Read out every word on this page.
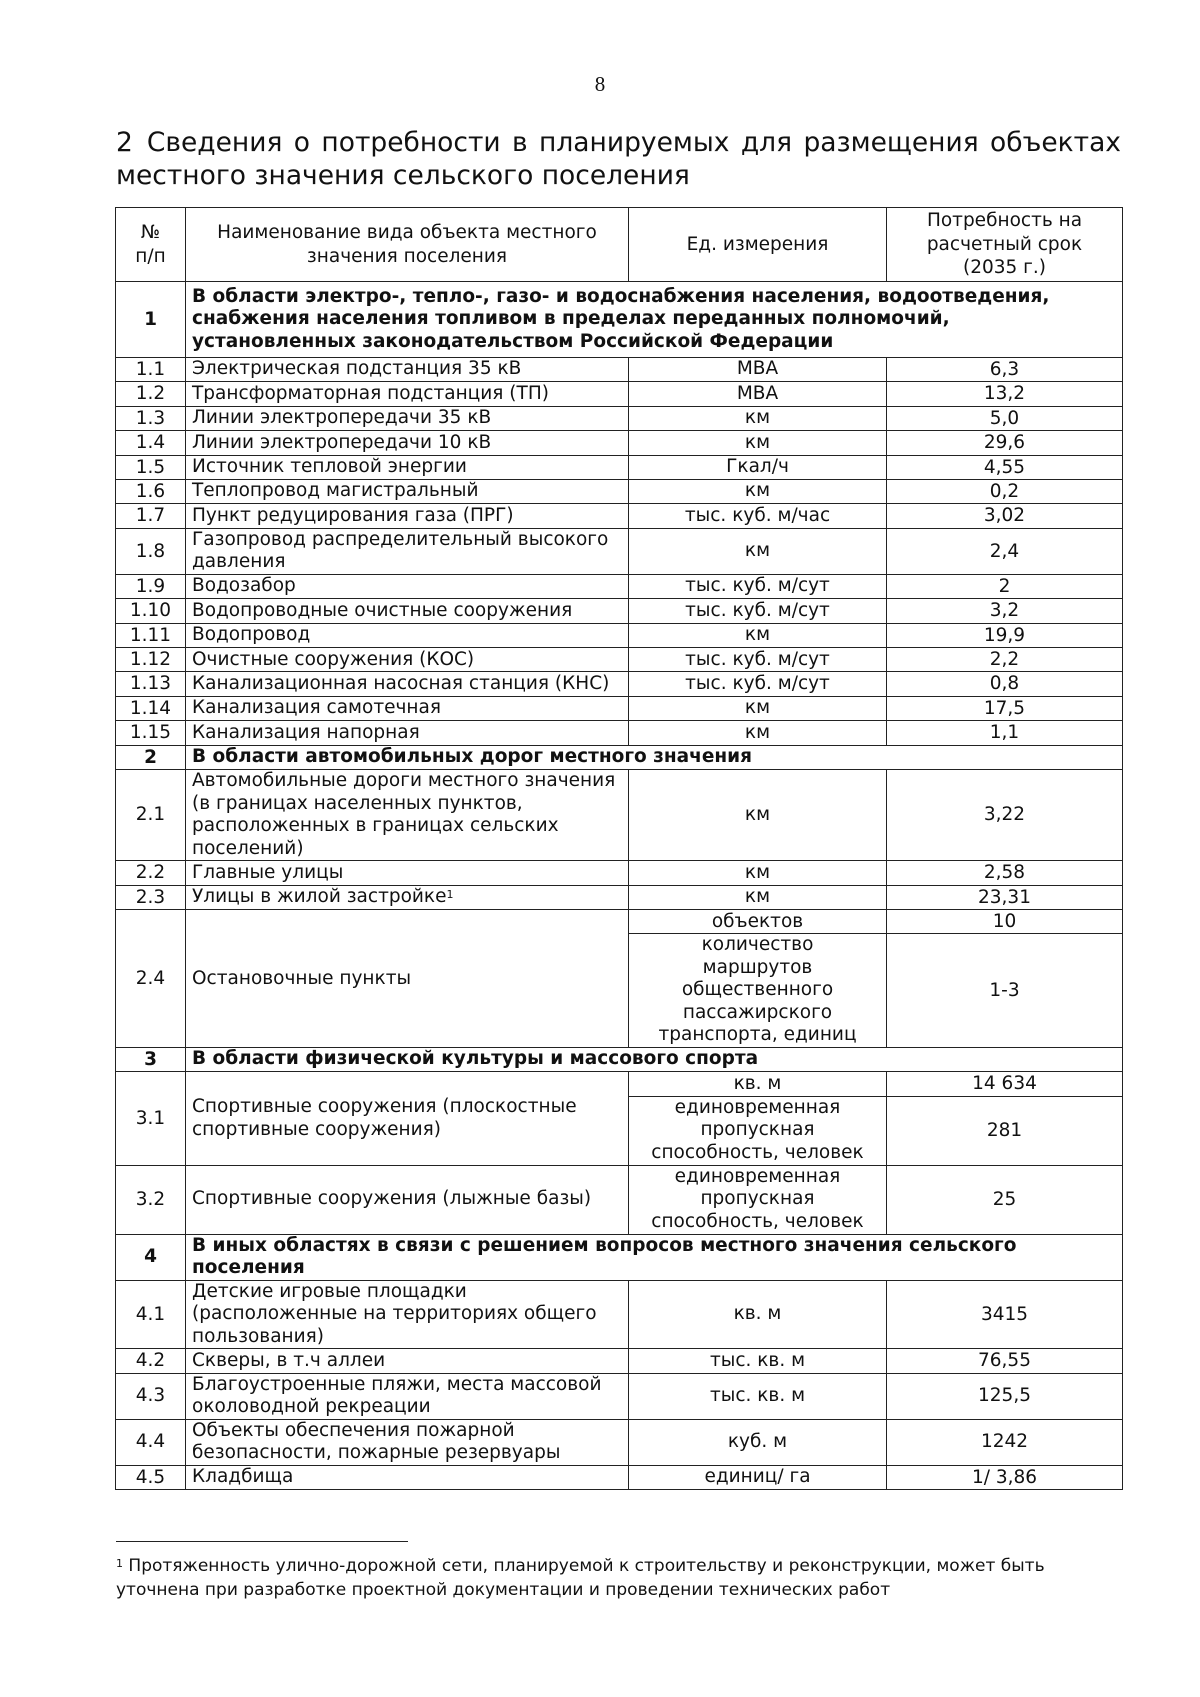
8
2 Сведения о потребности в планируемых для размещения объектах местного значения сельского поселения
№ п/п	Наименование вида объекта местного значения поселения	Ед. измерения	Потребность на расчетный срок (2035 г.)
1	В области электро-, тепло-, газо- и водоснабжения населения, водоотведения, снабжения населения топливом в пределах переданных полномочий, установленных законодательством Российской Федерации		
1.1	Электрическая подстанция 35 кВ	МВА	6,3
1.2	Трансформаторная подстанция (ТП)	МВА	13,2
1.3	Линии электропередачи 35 кВ	км	5,0
1.4	Линии электропередачи 10 кВ	км	29,6
1.5	Источник тепловой энергии	Гкал/ч	4,55
1.6	Теплопровод магистральный	км	0,2
1.7	Пункт редуцирования газа (ПРГ)	тыс. куб. м/час	3,02
1.8	Газопровод распределительный высокого давления	км	2,4
1.9	Водозабор	тыс. куб. м/сут	2
1.10	Водопроводные очистные сооружения	тыс. куб. м/сут	3,2
1.11	Водопровод	км	19,9
1.12	Очистные сооружения (КОС)	тыс. куб. м/сут	2,2
1.13	Канализационная насосная станция (КНС)	тыс. куб. м/сут	0,8
1.14	Канализация самотечная	км	17,5
1.15	Канализация напорная	км	1,1
2	В области автомобильных дорог местного значения		
2.1	Автомобильные дороги местного значения (в границах населенных пунктов, расположенных в границах сельских поселений)	км	3,22
2.2	Главные улицы	км	2,58
2.3	Улицы в жилой застройке$^1$	км	23,31
2.4	Остановочные пункты	объектов	10
		количество маршрутов общественного пассажирского транспорта, единиц	1-3
3	В области физической культуры и массового спорта		
3.1	Спортивные сооружения (плоскостные спортивные сооружения)	кв. м	14 634
		единовременная пропускная способность, человек	281
3.2	Спортивные сооружения (лыжные базы)	единовременная пропускная способность, человек	25
4	В иных областях в связи с решением вопросов местного значения сельского поселения		
4.1	Детские игровые площадки (расположенные на территориях общего пользования)	кв. м	3415
4.2	Скверы, в т.ч аллеи	тыс. кв. м	76,55
4.3	Благоустроенные пляжи, места массовой околоводной рекреации	тыс. кв. м	125,5
4.4	Объекты обеспечения пожарной безопасности, пожарные резервуары	куб. м	1242
4.5	Кладбища	единиц/ га	1/ 3,86
$^1$ Протяженность улично-дорожной сети, планируемой к строительству и реконструкции, может быть уточнена при разработке проектной документации и проведении технических работ
